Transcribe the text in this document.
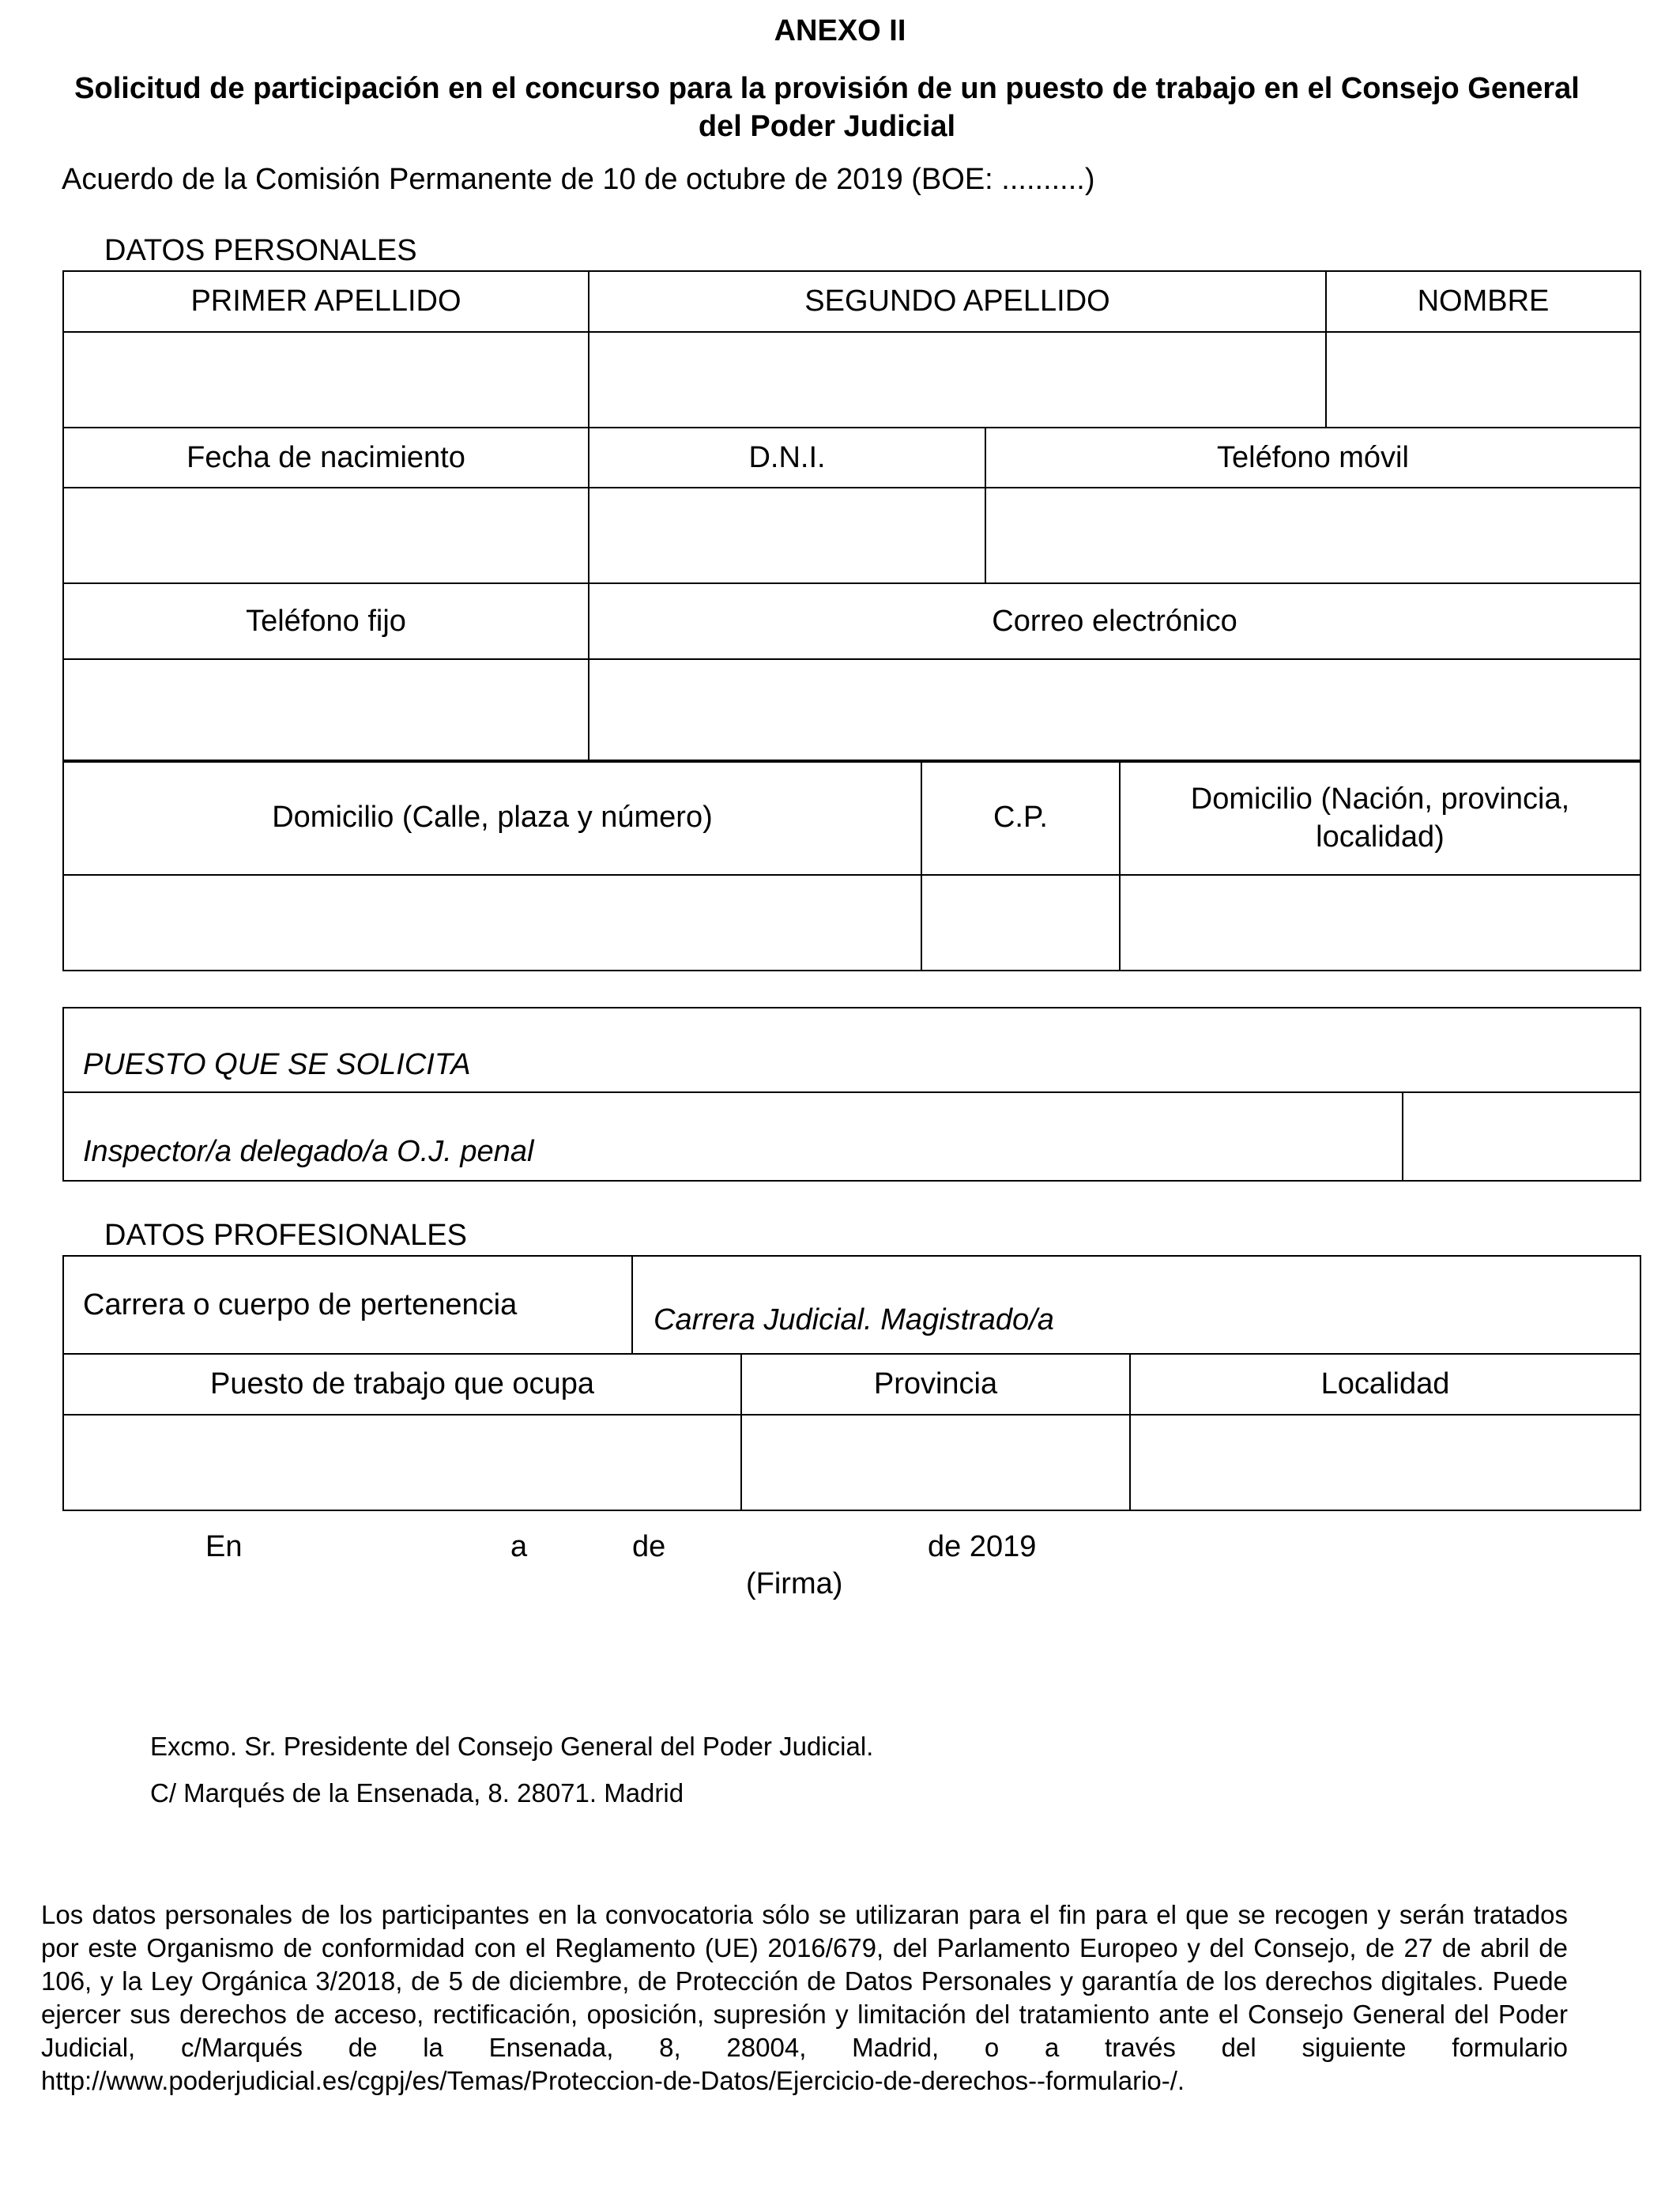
ANEXO II
Solicitud de participación en el concurso para la provisión de un puesto de trabajo en el Consejo General del Poder Judicial
Acuerdo de la Comisión Permanente de 10 de octubre de 2019 (BOE: ..........)
DATOS PERSONALES
PRIMER APELLIDO	SEGUNDO APELLIDO		NOMBRE

Fecha de nacimiento	D.N.I.	Teléfono móvil	

Teléfono fijo	Correo electrónico		

Domicilio (Calle, plaza y número)	C.P.	Domicilio (Nación, provincia, localidad)

PUESTO QUE SE SOLICITA
Inspector/a delegado/a O.J. penal	
DATOS PROFESIONALES
Carrera o cuerpo de pertenencia	Carrera Judicial. Magistrado/a		
Puesto de trabajo que ocupa		Provincia	Localidad

En	a	de	de 2019
(Firma)
Excmo. Sr. Presidente del Consejo General del Poder Judicial.
C/ Marqués de la Ensenada, 8. 28071. Madrid
Los datos personales de los participantes en la convocatoria sólo se utilizaran para el fin para el que se recogen y serán tratados por este Organismo de conformidad con el Reglamento (UE) 2016/679, del Parlamento Europeo y del Consejo, de 27 de abril de 106, y la Ley Orgánica 3/2018, de 5 de diciembre, de Protección de Datos Personales y garantía de los derechos digitales. Puede ejercer sus derechos de acceso, rectificación, oposición, supresión y limitación del tratamiento ante el Consejo General del Poder Judicial, c/Marqués de la Ensenada, 8, 28004, Madrid, o a través del siguiente formulario http://www.poderjudicial.es/cgpj/es/Temas/Proteccion-de-Datos/Ejercicio-de-derechos--formulario-/.
